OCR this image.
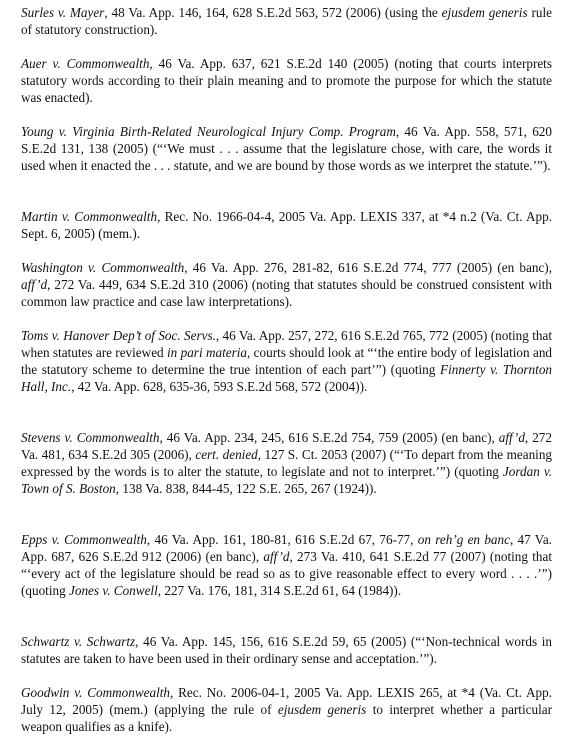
Surles v. Mayer, 48 Va. App. 146, 164, 628 S.E.2d 563, 572 (2006) (using the ejusdem generis rule of statutory construction).

Auer v. Commonwealth, 46 Va. App. 637, 621 S.E.2d 140 (2005) (noting that courts interprets statutory words according to their plain meaning and to promote the purpose for which the statute was enacted).

Young v. Virginia Birth-Related Neurological Injury Comp. Program, 46 Va. App. 558, 571, 620 S.E.2d 131, 138 (2005) (“‘We must . . . assume that the legislature chose, with care, the words it used when it enacted the . . . statute, and we are bound by those words as we interpret the statute.’”).

Martin v. Commonwealth, Rec. No. 1966-04-4, 2005 Va. App. LEXIS 337, at *4 n.2 (Va. Ct. App. Sept. 6, 2005) (mem.).

Washington v. Commonwealth, 46 Va. App. 276, 281-82, 616 S.E.2d 774, 777 (2005) (en banc), aff’d, 272 Va. 449, 634 S.E.2d 310 (2006) (noting that statutes should be construed consistent with common law practice and case law interpretations).

Toms v. Hanover Dep’t of Soc. Servs., 46 Va. App. 257, 272, 616 S.E.2d 765, 772 (2005) (noting that when statutes are reviewed in pari materia, courts should look at “‘the entire body of legislation and the statutory scheme to determine the true intention of each part’”) (quoting Finnerty v. Thornton Hall, Inc., 42 Va. App. 628, 635-36, 593 S.E.2d 568, 572 (2004)).

Stevens v. Commonwealth, 46 Va. App. 234, 245, 616 S.E.2d 754, 759 (2005) (en banc), aff’d, 272 Va. 481, 634 S.E.2d 305 (2006), cert. denied, 127 S. Ct. 2053 (2007) (“‘To depart from the meaning expressed by the words is to alter the statute, to legislate and not to interpret.’”) (quoting Jordan v. Town of S. Boston, 138 Va. 838, 844-45, 122 S.E. 265, 267 (1924)).

Epps v. Commonwealth, 46 Va. App. 161, 180-81, 616 S.E.2d 67, 76-77, on reh’g en banc, 47 Va. App. 687, 626 S.E.2d 912 (2006) (en banc), aff’d, 273 Va. 410, 641 S.E.2d 77 (2007) (noting that “‘every act of the legislature should be read so as to give reasonable effect to every word . . . .’”) (quoting Jones v. Conwell, 227 Va. 176, 181, 314 S.E.2d 61, 64 (1984)).

Schwartz v. Schwartz, 46 Va. App. 145, 156, 616 S.E.2d 59, 65 (2005) (“‘Non-technical words in statutes are taken to have been used in their ordinary sense and acceptation.’”).

Goodwin v. Commonwealth, Rec. No. 2006-04-1, 2005 Va. App. LEXIS 265, at *4 (Va. Ct. App. July 12, 2005) (mem.) (applying the rule of ejusdem generis to interpret whether a particular weapon qualifies as a knife).
